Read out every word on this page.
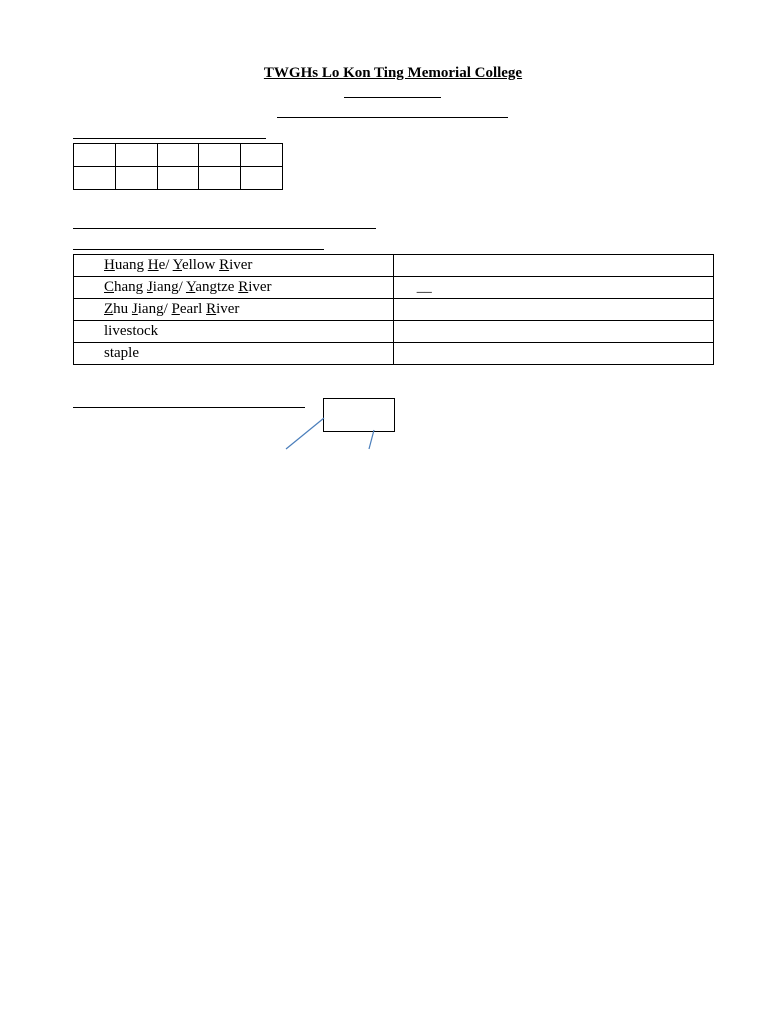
TWGHs Lo Kon Ting Memorial College

Huang He/ Yellow River	
Chang Jiang/ Yangtze River	__
Zhu Jiang/ Pearl River	
livestock	
staple	
